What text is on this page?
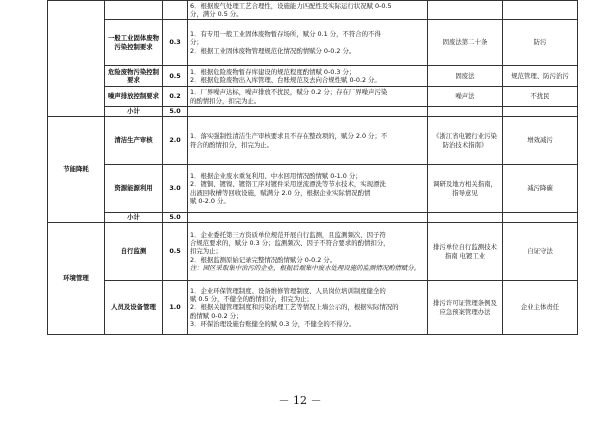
			6．根据废气处理工艺合理性，设施能力匹配性及实际运行状况赋 0-0.5
分，满分 0.5 分。		

	一般工业固体废物污染控制要求	0.3	1．有专用一般工业固体废物暂存场所，赋分 0.1 分，不符合的不得
分；
2．根据工业固体废物管理规范化情况酌情赋分 0-0.2 分。	固废法第二十条	防污
	危险废物污染控制要求	0.5	1．根据危险废物暂存库建设的规范程度酌情赋 0-0.3 分；
2．根据危险废物出入库管理、台账规范及去向合规性赋 0-0.2 分。	固废法	规范管理、防污治污
	噪声排放控制要求	0.2	1．厂界噪声达标，噪声排放不扰民，赋分 0.2 分；存在厂界噪声污染
的酌情扣分，扣完为止。	噪声法	不扰民
	小计	5.0			
节能降耗	清洁生产审核	2.0	1．落实强制性清洁生产审核要求且不存在整改项的，赋分 2.0 分；不
符合的酌情扣分，扣完为止。	《浙江省电镀行业污染防治技术指南》	增效减污
	资源能源利用	3.0	1．根据企业废水重复利用、中水回用情况酌情赋 0-1.0 分；
2．镀铜、镀镍、镀铬工序对镀件采用逆流漂洗等节水技术，实现漂洗
出液回收槽等回收设施，赋满分 2.0 分，根据企业实际情况酌情
赋 0-2.0 分。	调研及地方相关指南，指导意见	减污降碳
	小计	5.0			
环境管理	自行监测	0.5	1．企业委托第三方资质单位规范开展自行监测，且监测频次、因子符
合规范要求的，赋分 0.3 分；监测频次、因子不符合要求的酌情扣分，
扣完为止；
2．根据监测原始记录完整情况酌情赋分 0-0.2 分。
注：园区采取集中治污的企业，根据后端集中废水处理设施的监测情况酌情赋分。	排污单位自行监测技术指南 电镀工业	自证守法
	人员及设备管理	1.0	1．企业环保管理制度、设备维修管理制度、人员岗位培训制度健全的
赋 0.5 分，不健全的酌情扣分，扣完为止；
2．根据关键管理制度和污染治理工艺等情况上墙公示的，根据实际情况的
酌情赋 0-0.2 分；
3．环保治理设施台账健全的赋 0.3 分，不健全的不得分。	排污许可证管理条例及应急预案管理办法	企业主体责任
－ 12 －
